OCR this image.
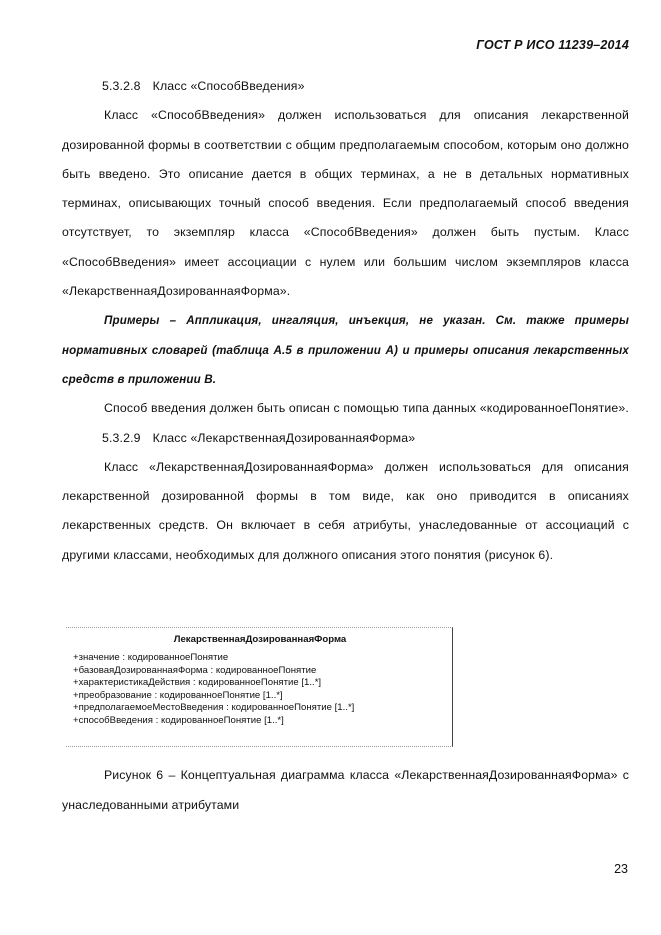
ГОСТ Р ИСО 11239–2014
5.3.2.8 Класс «СпособВведения»

Класс «СпособВведения» должен использоваться для описания лекарственной дозированной формы в соответствии с общим предполагаемым способом, которым оно должно быть введено. Это описание дается в общих терминах, а не в детальных нормативных терминах, описывающих точный способ введения. Если предполагаемый способ введения отсутствует, то экземпляр класса «СпособВведения» должен быть пустым. Класс «СпособВведения» имеет ассоциации с нулем или большим числом экземпляров класса «ЛекарственнаяДозированнаяФорма».

Примеры – Аппликация, ингаляция, инъекция, не указан. См. также примеры нормативных словарей (таблица А.5 в приложении А) и примеры описания лекарственных средств в приложении В.

Способ введения должен быть описан с помощью типа данных «кодированноеПонятие».

5.3.2.9 Класс «ЛекарственнаяДозированнаяФорма»

Класс «ЛекарственнаяДозированнаяФорма» должен использоваться для описания лекарственной дозированной формы в том виде, как оно приводится в описаниях лекарственных средств. Он включает в себя атрибуты, унаследованные от ассоциаций с другими классами, необходимых для должного описания этого понятия (рисунок 6).

ЛекарственнаяДозированнаяФорма
+значение : кодированноеПонятие
+базоваяДозированнаяФорма : кодированноеПонятие
+характеристикаДействия : кодированноеПонятие [1..*]
+преобразование : кодированноеПонятие [1..*]
+предполагаемоеМестоВведения : кодированноеПонятие [1..*]
+способВведения : кодированноеПонятие [1..*]
Рисунок 6 – Концептуальная диаграмма класса «ЛекарственнаяДозированнаяФорма» с унаследованными атрибутами
23
